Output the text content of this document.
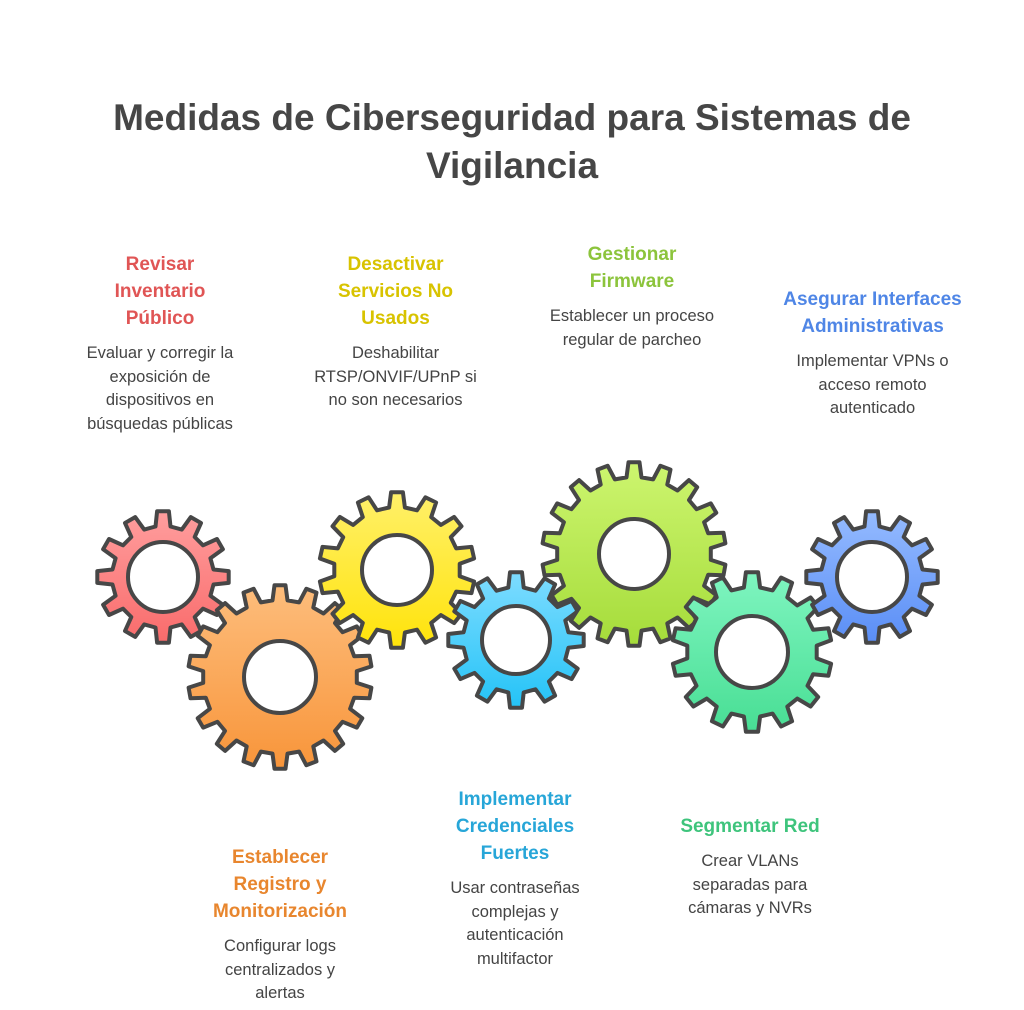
Medidas de Ciberseguridad para Sistemas de Vigilancia
Revisar Inventario Público

Evaluar y corregir la exposición de dispositivos en búsquedas públicas

Establecer Registro y Monitorización

Configurar logs centralizados y alertas

Desactivar Servicios No Usados

Deshabilitar RTSP/ONVIF/UPnP si no son necesarios

Implementar Credenciales Fuertes

Usar contraseñas complejas y autenticación multifactor

Gestionar Firmware

Establecer un proceso regular de parcheo

Segmentar Red

Crear VLANs separadas para cámaras y NVRs

Asegurar Interfaces Administrativas

Implementar VPNs o acceso remoto autenticado
